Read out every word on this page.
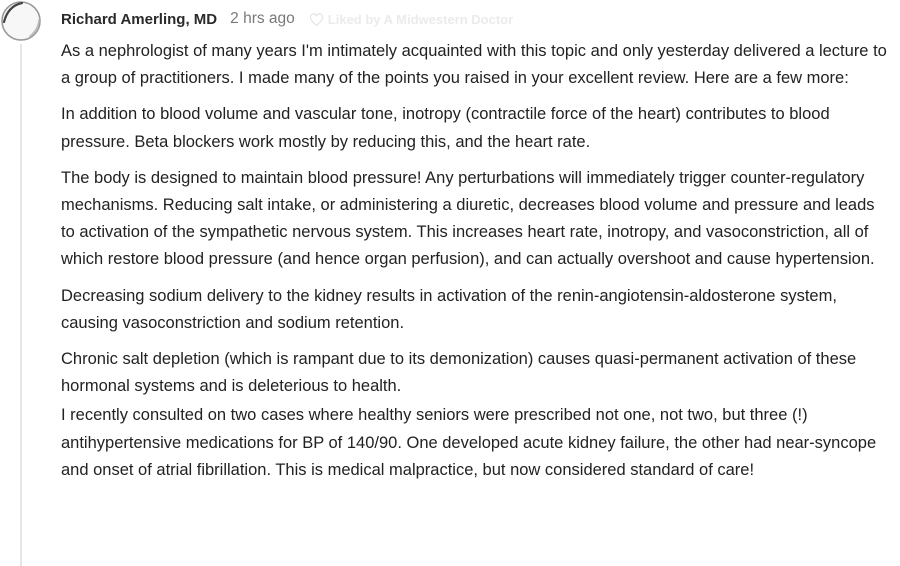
Richard Amerling, MD 2 hrs ago	Liked by A Midwestern Doctor

As a nephrologist of many years I'm intimately acquainted with this topic and only yesterday delivered a lecture to a group of practitioners. I made many of the points you raised in your excellent review. Here are a few more:

In addition to blood volume and vascular tone, inotropy (contractile force of the heart) contributes to blood pressure. Beta blockers work mostly by reducing this, and the heart rate.

The body is designed to maintain blood pressure! Any perturbations will immediately trigger counter-regulatory mechanisms. Reducing salt intake, or administering a diuretic, decreases blood volume and pressure and leads to activation of the sympathetic nervous system. This increases heart rate, inotropy, and vasoconstriction, all of which restore blood pressure (and hence organ perfusion), and can actually overshoot and cause hypertension.

Decreasing sodium delivery to the kidney results in activation of the renin-angiotensin-aldosterone system, causing vasoconstriction and sodium retention.

Chronic salt depletion (which is rampant due to its demonization) causes quasi-permanent activation of these hormonal systems and is deleterious to health.

I recently consulted on two cases where healthy seniors were prescribed not one, not two, but three (!) antihypertensive medications for BP of 140/90. One developed acute kidney failure, the other had near-syncope and onset of atrial fibrillation. This is medical malpractice, but now considered standard of care!
